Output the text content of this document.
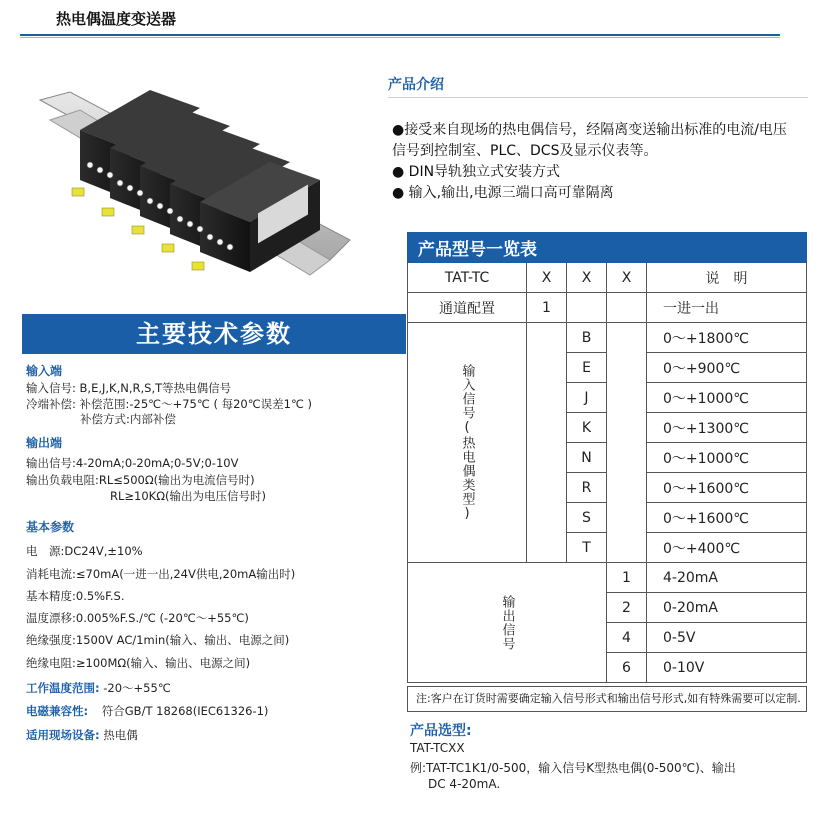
热电偶温度变送器
产品介绍
●接受来自现场的热电偶信号，经隔离变送输出标准的电流/电压信号到控制室、PLC、DCS及显示仪表等。
● DIN导轨独立式安装方式
● 输入,输出,电源三端口高可靠隔离
产品型号一览表				
TAT-TC	X	X	X	说　明
通道配置	1			一进一出

输入信号(热电偶类型)		B		0～+1800℃
		E		0～+900℃
		J		0～+1000℃
		K		0～+1300℃
		N		0～+1000℃
		R		0～+1600℃
		S		0～+1600℃
		T		0～+400℃

输出信号			1	4-20mA
			2	0-20mA
			4	0-5V
			6	0-10V
注:客户在订货时需要确定输入信号形式和输出信号形式,如有特殊需要可以定制.
产品选型:
TAT-TCXX
例:TAT-TC1K1/0-500，输入信号K型热电偶(0-500℃)、输出
DC 4-20mA.
主要技术参数
输入端
输入信号: B,E,J,K,N,R,S,T等热电偶信号
冷端补偿: 补偿范围:-25℃～+75℃ ( 每20℃误差1℃ )
补偿方式:内部补偿
输出端
输出信号:4-20mA;0-20mA;0-5V;0-10V
输出负载电阻:RL≤500Ω(输出为电流信号时)
RL≥10KΩ(输出为电压信号时)
基本参数
电　源:DC24V,±10%
消耗电流:≤70mA(一进一出,24V供电,20mA输出时)
基本精度:0.5%F.S.
温度漂移:0.005%F.S./℃ (-20℃～+55℃)
绝缘强度:1500V AC/1min(输入、输出、电源之间)
绝缘电阻:≥100MΩ(输入、输出、电源之间)
工作温度范围: -20～+55℃
电磁兼容性: 符合GB/T 18268(IEC61326-1)
适用现场设备: 热电偶
